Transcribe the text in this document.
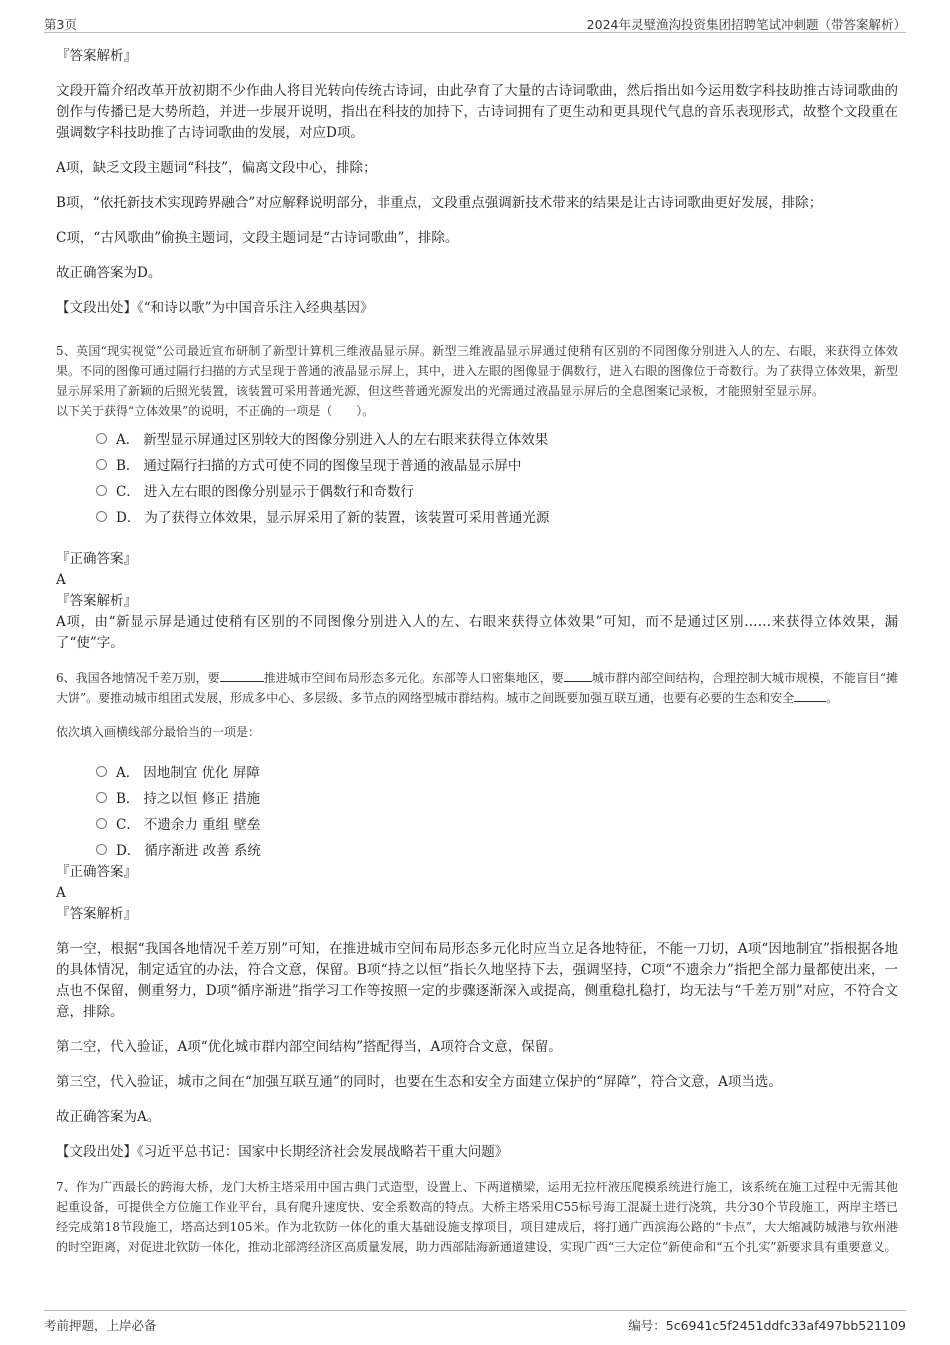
第3页	2024年灵璧渔沟投资集团招聘笔试冲刺题（带答案解析）
『答案解析』
文段开篇介绍改革开放初期不少作曲人将目光转向传统古诗词，由此孕育了大量的古诗词歌曲，然后指出如今运用数字科技助推古诗词歌曲的创作与传播已是大势所趋，并进一步展开说明，指出在科技的加持下，古诗词拥有了更生动和更具现代气息的音乐表现形式，故整个文段重在强调数字科技助推了古诗词歌曲的发展，对应D项。
A项，缺乏文段主题词“科技”，偏离文段中心，排除；
B项，“依托新技术实现跨界融合”对应解释说明部分，非重点，文段重点强调新技术带来的结果是让古诗词歌曲更好发展，排除；
C项，“古风歌曲”偷换主题词，文段主题词是“古诗词歌曲”，排除。
故正确答案为D。
【文段出处】《“和诗以歌”为中国音乐注入经典基因》
5、英国“现实视觉”公司最近宣布研制了新型计算机三维液晶显示屏。新型三维液晶显示屏通过使稍有区别的不同图像分别进入人的左、右眼，来获得立体效果。不同的图像可通过隔行扫描的方式呈现于普通的液晶显示屏上，其中，进入左眼的图像显于偶数行，进入右眼的图像位于奇数行。为了获得立体效果，新型显示屏采用了新颖的后照光装置，该装置可采用普通光源，但这些普通光源发出的光需通过液晶显示屏后的全息图案记录板，才能照射至显示屏。
以下关于获得“立体效果”的说明，不正确的一项是（　　）。
A． 新型显示屏通过区别较大的图像分别进入人的左右眼来获得立体效果
B． 通过隔行扫描的方式可使不同的图像呈现于普通的液晶显示屏中
C． 进入左右眼的图像分别显示于偶数行和奇数行
D． 为了获得立体效果，显示屏采用了新的装置，该装置可采用普通光源
『正确答案』
A
『答案解析』
A项，由“新显示屏是通过使稍有区别的不同图像分别进入人的左、右眼来获得立体效果”可知，而不是通过区别……来获得立体效果，漏了“使”字。
6、我国各地情况千差万别，要	推进城市空间布局形态多元化。东部等人口密集地区，要 城市群内部空间结构，合理控制大城市规模，不能盲目“摊大饼”。要推动城市组团式发展，形成多中心、多层级、多节点的网络型城市群结构。城市之间既要加强互联互通，也要有必要的生态和安全	。
依次填入画横线部分最恰当的一项是：
A． 因地制宜 优化 屏障
B． 持之以恒 修正 措施
C． 不遗余力 重组 壁垒
D． 循序渐进 改善 系统
『正确答案』
A
『答案解析』
第一空，根据“我国各地情况千差万别”可知，在推进城市空间布局形态多元化时应当立足各地特征，不能一刀切，A项“因地制宜”指根据各地的具体情况，制定适宜的办法，符合文意，保留。B项“持之以恒”指长久地坚持下去，强调坚持，C项“不遗余力”指把全部力量都使出来，一点也不保留，侧重努力，D项“循序渐进”指学习工作等按照一定的步骤逐渐深入或提高，侧重稳扎稳打，均无法与“千差万别”对应，不符合文意，排除。
第二空，代入验证，A项“优化城市群内部空间结构”搭配得当，A项符合文意，保留。
第三空，代入验证，城市之间在“加强互联互通”的同时，也要在生态和安全方面建立保护的“屏障”，符合文意，A项当选。
故正确答案为A。
【文段出处】《习近平总书记：国家中长期经济社会发展战略若干重大问题》
7、作为广西最长的跨海大桥，龙门大桥主塔采用中国古典门式造型，设置上、下两道横梁，运用无拉杆液压爬模系统进行施工，该系统在施工过程中无需其他起重设备，可提供全方位施工作业平台，具有爬升速度快、安全系数高的特点。大桥主塔采用C55标号海工混凝土进行浇筑，共分30个节段施工，两岸主塔已经完成第18节段施工，塔高达到105米。作为北钦防一体化的重大基础设施支撑项目，项目建成后，将打通广西滨海公路的“卡点”，大大缩减防城港与钦州港的时空距离，对促进北钦防一体化，推动北部湾经济区高质量发展，助力西部陆海新通道建设，实现广西“三大定位”新使命和“五个扎实”新要求具有重要意义。
考前押题，上岸必备	编号：5c6941c5f2451ddfc33af497bb521109
